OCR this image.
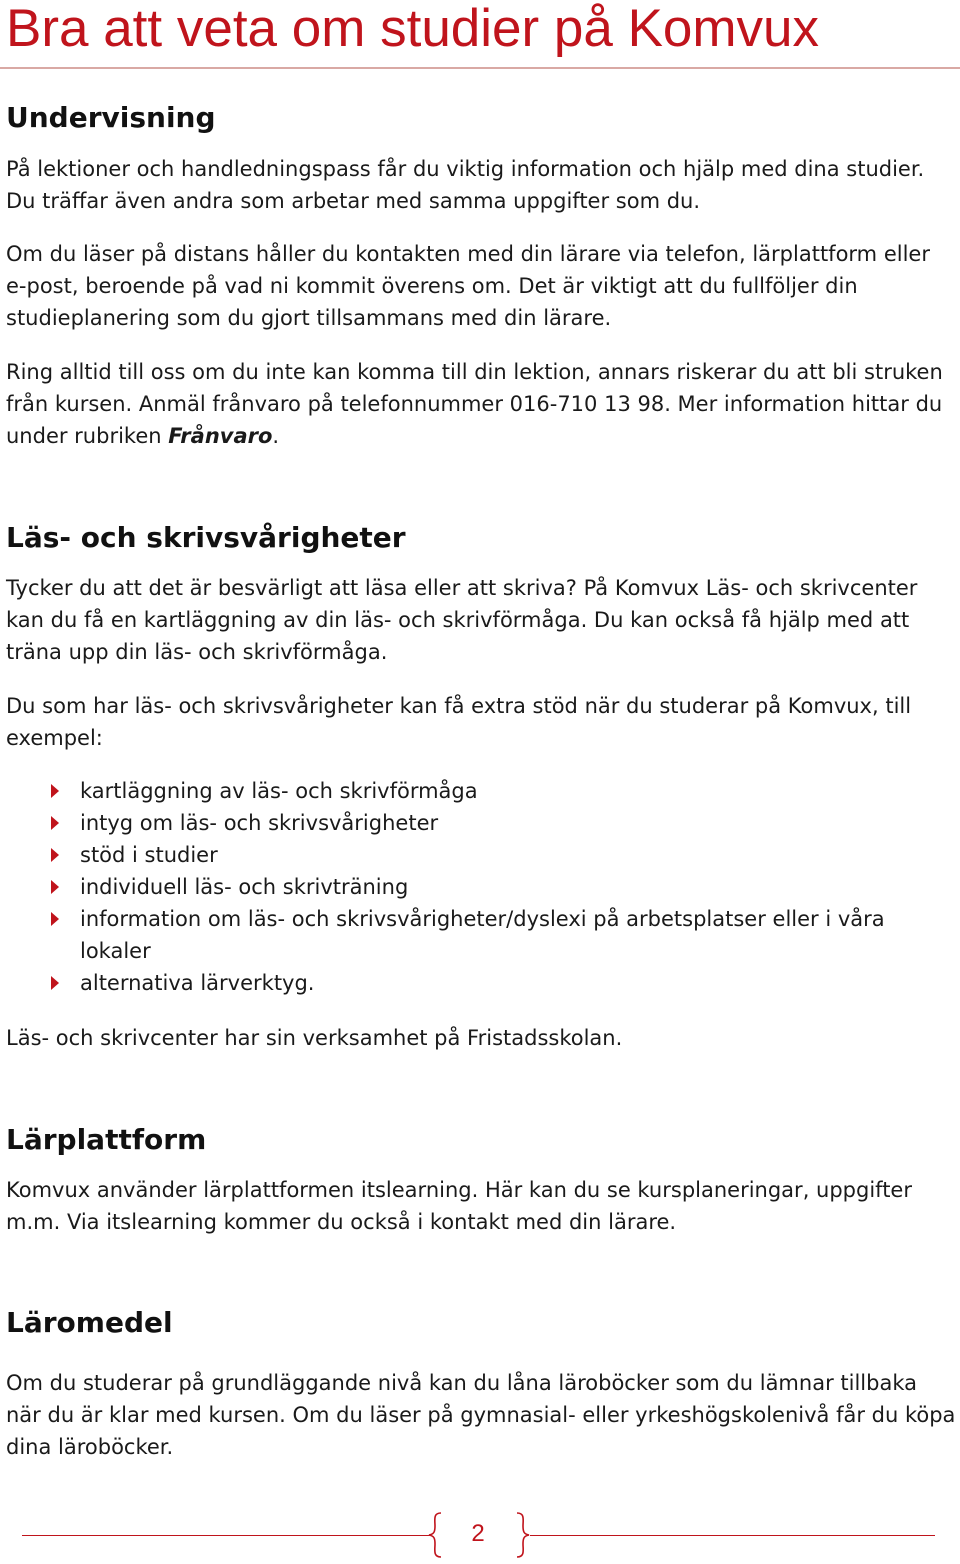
Bra att veta om studier på Komvux
Undervisning

På lektioner och handledningspass får du viktig information och hjälp med dina studier. Du träffar även andra som arbetar med samma uppgifter som du.

Om du läser på distans håller du kontakten med din lärare via telefon, lärplattform eller e-post, beroende på vad ni kommit överens om. Det är viktigt att du fullföljer din studieplanering som du gjort tillsammans med din lärare.

Ring alltid till oss om du inte kan komma till din lektion, annars riskerar du att bli struken från kursen. Anmäl frånvaro på telefonnummer 016-710 13 98. Mer information hittar du under rubriken Frånvaro.

Läs- och skrivsvårigheter

Tycker du att det är besvärligt att läsa eller att skriva? På Komvux Läs- och skrivcenter kan du få en kartläggning av din läs- och skrivförmåga. Du kan också få hjälp med att träna upp din läs- och skrivförmåga.

Du som har läs- och skrivsvårigheter kan få extra stöd när du studerar på Komvux, till exempel:

kartläggning av läs- och skrivförmåga
intyg om läs- och skrivsvårigheter
stöd i studier
individuell läs- och skrivträning
information om läs- och skrivsvårigheter/dyslexi på arbetsplatser eller i våra lokaler
alternativa lärverktyg.

Läs- och skrivcenter har sin verksamhet på Fristadsskolan.

Lärplattform

Komvux använder lärplattformen itslearning. Här kan du se kursplaneringar, uppgifter m.m. Via itslearning kommer du också i kontakt med din lärare.

Läromedel

Om du studerar på grundläggande nivå kan du låna läroböcker som du lämnar tillbaka när du är klar med kursen. Om du läser på gymnasial- eller yrkeshögskolenivå får du köpa dina läroböcker.

2
